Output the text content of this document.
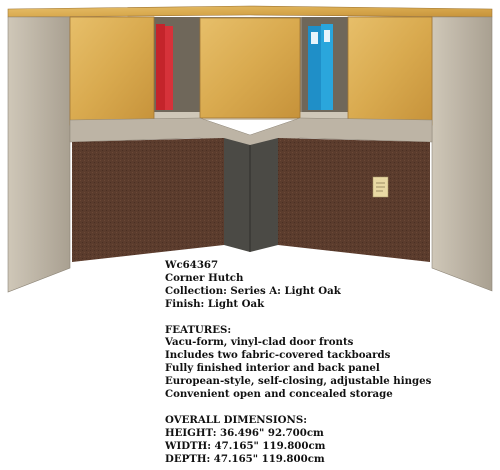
Wc64367
Corner Hutch
Collection: Series A: Light Oak
Finish: Light Oak
FEATURES:
Vacu-form, vinyl-clad door fronts
Includes two fabric-covered tackboards
Fully finished interior and back panel
European-style, self-closing, adjustable hinges
Convenient open and concealed storage
OVERALL DIMENSIONS:
HEIGHT: 36.496" 92.700cm
WIDTH: 47.165" 119.800cm
DEPTH: 47.165" 119.800cm
